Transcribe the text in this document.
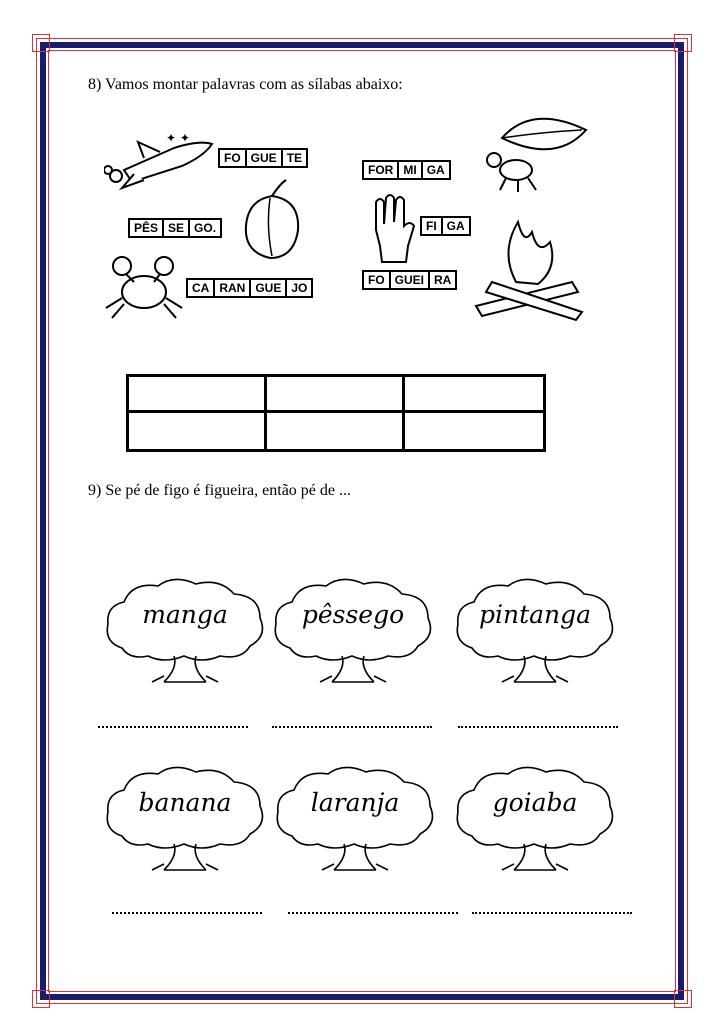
8) Vamos montar palavras com as sílabas abaixo:
✦ ✦
FO GUE TE
FOR MI GA
PÊS SE GO.	FI GA
CA RAN GUE JO
FO GUEI RA
9) Se pé de figo é figueira, então pé de ...
manga	pêssego	pintanga
banana	laranja	goiaba
